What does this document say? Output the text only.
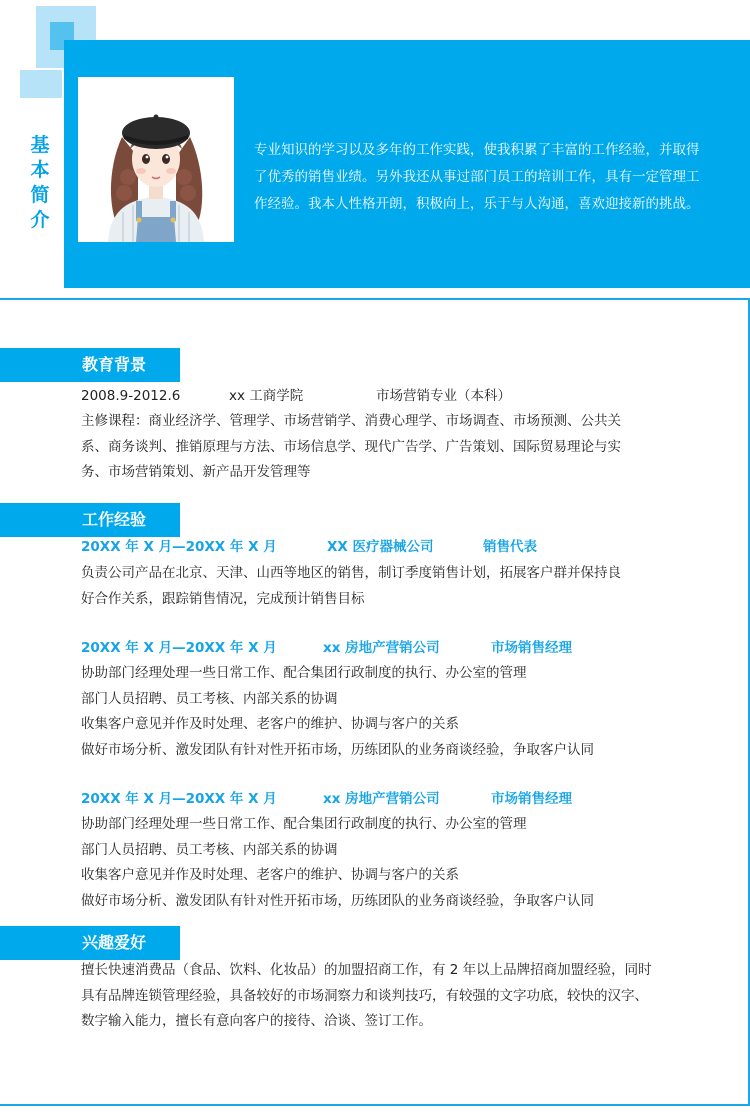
基
本
简
介

专业知识的学习以及多年的工作实践，使我积累了丰富的工作经验，并取得

了优秀的销售业绩。另外我还从事过部门员工的培训工作，具有一定管理工

作经验。我本人性格开朗，积极向上，乐于与人沟通，喜欢迎接新的挑战。

教育背景
2008.9-2012.6	xx 工商学院	市场营销专业（本科）

主修课程：商业经济学、管理学、市场营销学、消费心理学、市场调查、市场预测、公共关

系、商务谈判、推销原理与方法、市场信息学、现代广告学、广告策划、国际贸易理论与实

务、市场营销策划、新产品开发管理等

工作经验
20XX 年 X 月—20XX 年 X 月	XX 医疗器械公司	销售代表

负责公司产品在北京、天津、山西等地区的销售，制订季度销售计划，拓展客户群并保持良

好合作关系，跟踪销售情况，完成预计销售目标

20XX 年 X 月—20XX 年 X 月	xx 房地产营销公司	市场销售经理

协助部门经理处理一些日常工作、配合集团行政制度的执行、办公室的管理

部门人员招聘、员工考核、内部关系的协调

收集客户意见并作及时处理、老客户的维护、协调与客户的关系

做好市场分析、激发团队有针对性开拓市场，历练团队的业务商谈经验，争取客户认同

20XX 年 X 月—20XX 年 X 月	xx 房地产营销公司	市场销售经理

协助部门经理处理一些日常工作、配合集团行政制度的执行、办公室的管理

部门人员招聘、员工考核、内部关系的协调

收集客户意见并作及时处理、老客户的维护、协调与客户的关系

做好市场分析、激发团队有针对性开拓市场，历练团队的业务商谈经验，争取客户认同

兴趣爱好

擅长快速消费品（食品、饮料、化妆品）的加盟招商工作，有 2 年以上品牌招商加盟经验，同时

具有品牌连锁管理经验，具备较好的市场洞察力和谈判技巧，有较强的文字功底，较快的汉字、

数字输入能力，擅长有意向客户的接待、洽谈、签订工作。
